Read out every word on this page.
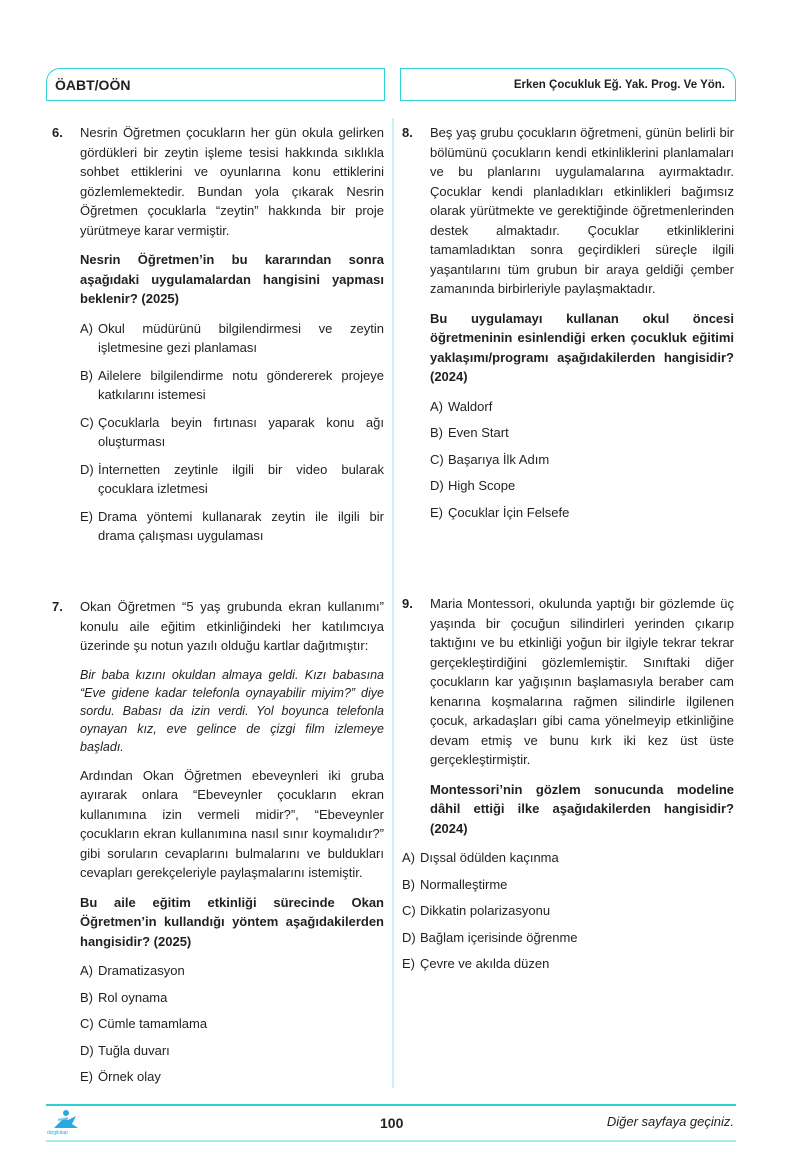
ÖABT/OÖN	Erken Çocukluk Eğ. Yak. Prog. Ve Yön.
6. Nesrin Öğretmen çocukların her gün okula gelirken gördükleri bir zeytin işleme tesisi hakkında sıklıkla sohbet ettiklerini ve oyunlarına konu ettiklerini gözlemlemektedir. Bundan yola çıkarak Nesrin Öğretmen çocuklarla “zeytin” hakkında bir proje yürütmeye karar vermiştir.

Nesrin Öğretmen’in bu kararından sonra aşağıdaki uygulamalardan hangisini yapması beklenir? (2025)

A) Okul müdürünü bilgilendirmesi ve zeytin işletmesine gezi planlaması
B) Ailelere bilgilendirme notu göndererek projeye katkılarını istemesi
C) Çocuklarla beyin fırtınası yaparak konu ağı oluşturması
D) İnternetten zeytinle ilgili bir video bularak çocuklara izletmesi
E) Drama yöntemi kullanarak zeytin ile ilgili bir drama çalışması uygulaması
8. Beş yaş grubu çocukların öğretmeni, günün belirli bir bölümünü çocukların kendi etkinliklerini planlamaları ve bu planlarını uygulamalarına ayırmaktadır. Çocuklar kendi planladıkları etkinlikleri bağımsız olarak yürütmekte ve gerektiğinde öğretmenlerinden destek almaktadır. Çocuklar etkinliklerini tamamladıktan sonra geçirdikleri süreçle ilgili yaşantılarını tüm grubun bir araya geldiği çember zamanında birbirleriyle paylaşmaktadır.

Bu uygulamayı kullanan okul öncesi öğretmeninin esinlendiği erken çocukluk eğitimi yaklaşımı/programı aşağıdakilerden hangisidir? (2024)

A) Waldorf
B) Even Start
C) Başarıya İlk Adım
D) High Scope
E) Çocuklar İçin Felsefe
7. Okan Öğretmen “5 yaş grubunda ekran kullanımı” konulu aile eğitim etkinliğindeki her katılımcıya üzerinde şu notun yazılı olduğu kartlar dağıtmıştır:

Bir baba kızını okuldan almaya geldi. Kızı babasına “Eve gidene kadar telefonla oynayabilir miyim?” diye sordu. Babası da izin verdi. Yol boyunca telefonla oynayan kız, eve gelince de çizgi film izlemeye başladı.

Ardından Okan Öğretmen ebeveynleri iki gruba ayırarak onlara “Ebeveynler çocukların ekran kullanımına izin vermeli midir?”, “Ebeveynler çocukların ekran kullanımına nasıl sınır koymalıdır?” gibi soruların cevaplarını bulmalarını ve buldukları cevapları gerekçeleriyle paylaşmalarını istemiştir.

Bu aile eğitim etkinliği sürecinde Okan Öğretmen’in kullandığı yöntem aşağıdakilerden hangisidir? (2025)

A) Dramatizasyon
B) Rol oynama
C) Cümle tamamlama
D) Tuğla duvarı
E) Örnek olay
9. Maria Montessori, okulunda yaptığı bir gözlemde üç yaşında bir çocuğun silindirleri yerinden çıkarıp taktığını ve bu etkinliği yoğun bir ilgiyle tekrar tekrar gerçekleştirdiğini gözlemlemiştir. Sınıftaki diğer çocukların kar yağışının başlamasıyla beraber cam kenarına koşmalarına rağmen silindirle ilgilenen çocuk, arkadaşları gibi cama yönelmeyip etkinliğine devam etmiş ve bunu kırk iki kez üst üste gerçekleştirmiştir.

Montessori’nin gözlem sonucunda modeline dâhil ettiği ilke aşağıdakilerden hangisidir? (2024)

A) Dışsal ödülden kaçınma
B) Normalleştirme
C) Dikkatin polarizasyonu
D) Bağlam içerisinde öğrenme
E) Çevre ve akılda düzen
dizgikitap
100	Diğer sayfaya geçiniz.
